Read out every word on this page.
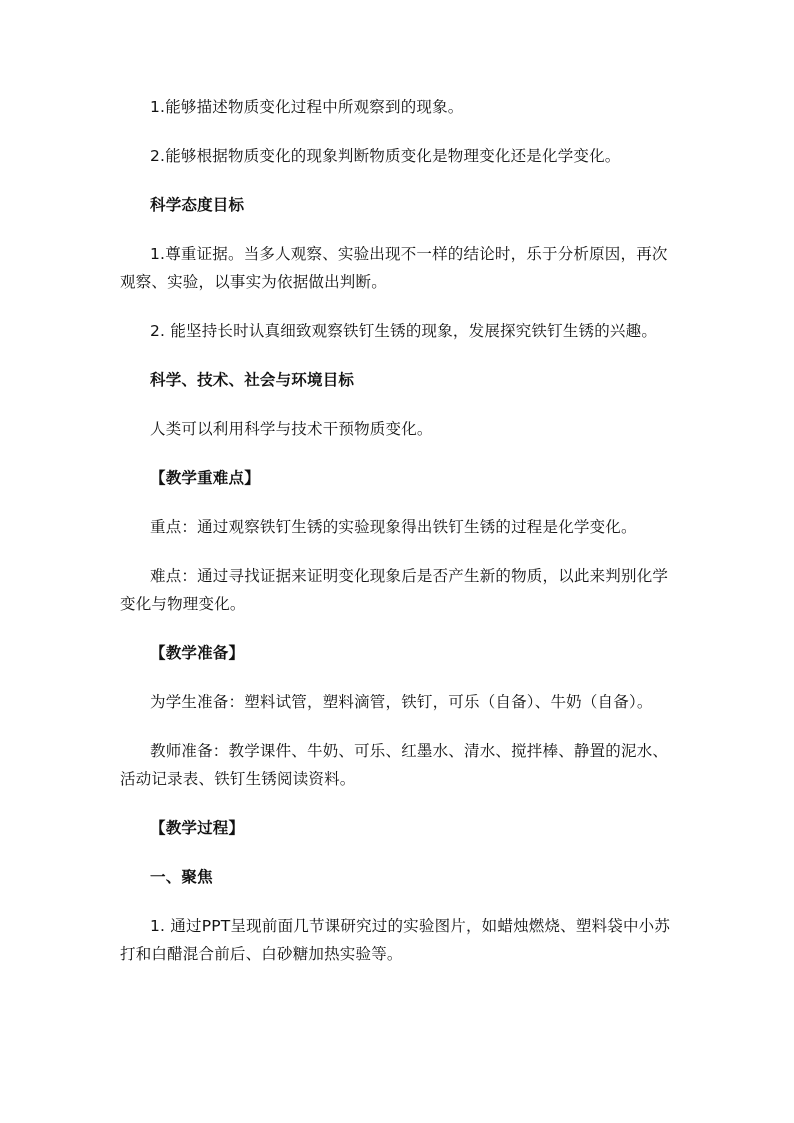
1.能够描述物质变化过程中所观察到的现象。

2.能够根据物质变化的现象判断物质变化是物理变化还是化学变化。

科学态度目标

1.尊重证据。当多人观察、实验出现不一样的结论时，乐于分析原因，再次观察、实验，以事实为依据做出判断。

2. 能坚持长时认真细致观察铁钉生锈的现象，发展探究铁钉生锈的兴趣。

科学、技术、社会与环境目标

人类可以利用科学与技术干预物质变化。

【教学重难点】

重点：通过观察铁钉生锈的实验现象得出铁钉生锈的过程是化学变化。

难点：通过寻找证据来证明变化现象后是否产生新的物质，以此来判别化学变化与物理变化。

【教学准备】

为学生准备：塑料试管，塑料滴管，铁钉，可乐（自备）、牛奶（自备）。

教师准备：教学课件、牛奶、可乐、红墨水、清水、搅拌棒、静置的泥水、活动记录表、铁钉生锈阅读资料。

【教学过程】

一、聚焦

1. 通过PPT呈现前面几节课研究过的实验图片，如蜡烛燃烧、塑料袋中小苏打和白醋混合前后、白砂糖加热实验等。
